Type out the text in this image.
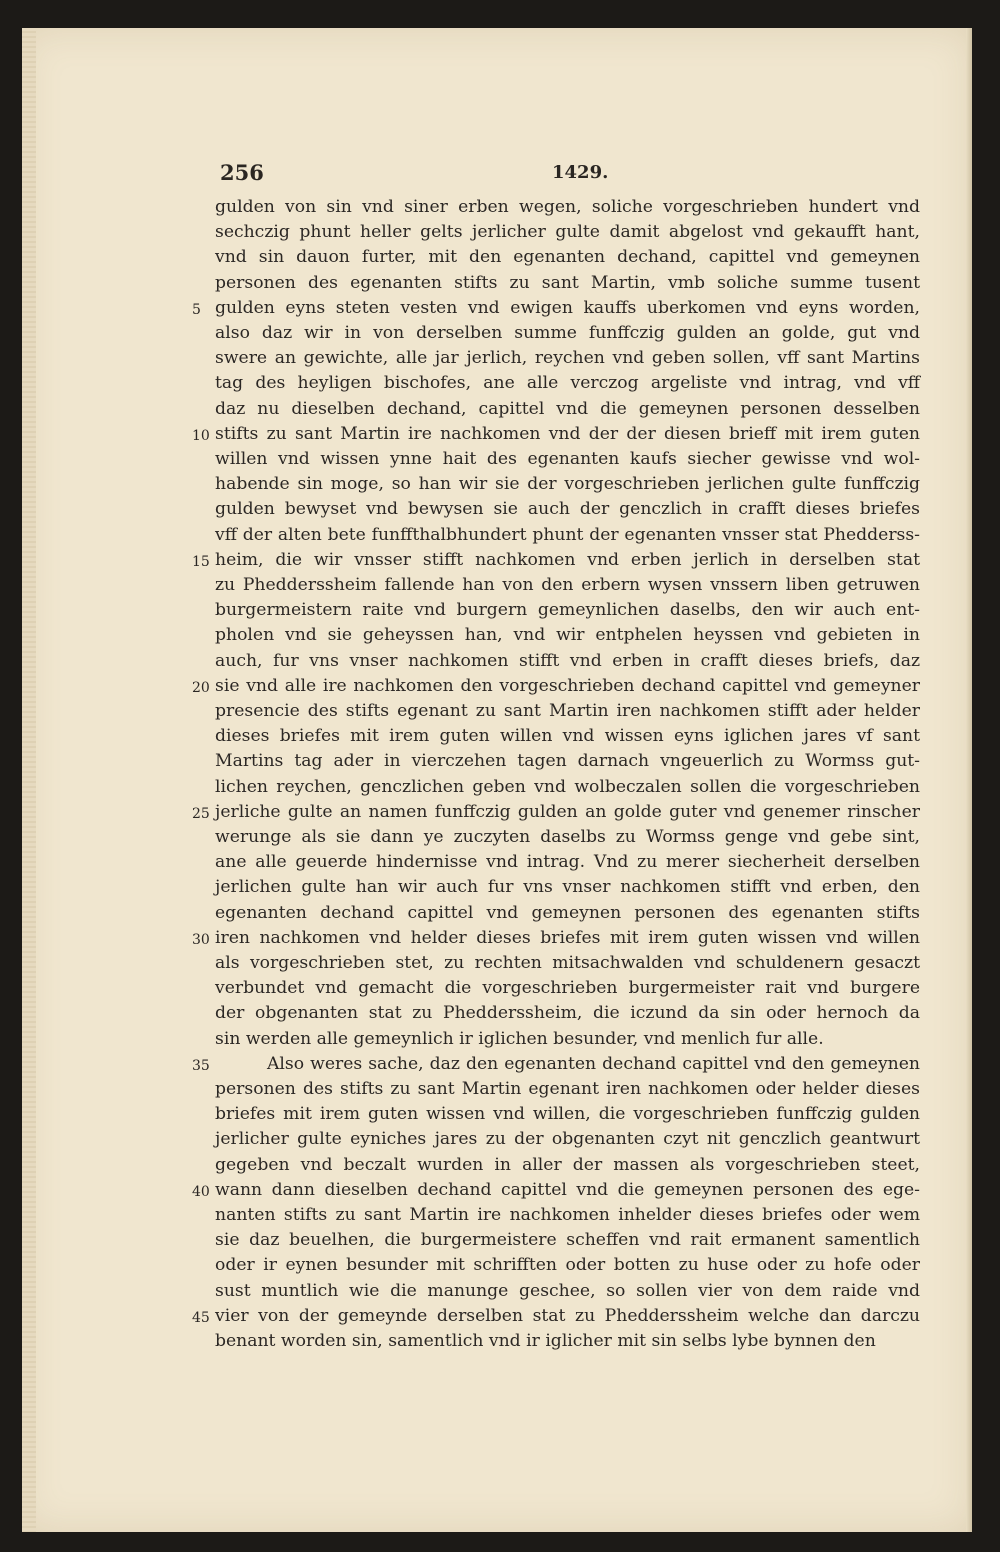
256	1429.
gulden von sin vnd siner erben wegen, soliche vorgeschrieben hundert vnd
sechczig phunt heller gelts jerlicher gulte damit abgelost vnd gekaufft hant,
vnd sin dauon furter, mit den egenanten dechand, capittel vnd gemeynen
personen des egenanten stifts zu sant Martin, vmb soliche summe tusent
5 gulden eyns steten vesten vnd ewigen kauffs uberkomen vnd eyns worden,
also daz wir in von derselben summe funffczig gulden an golde, gut vnd
swere an gewichte, alle jar jerlich, reychen vnd geben sollen, vff sant Martins
tag des heyligen bischofes, ane alle verczog argeliste vnd intrag, vnd vff
daz nu dieselben dechand, capittel vnd die gemeynen personen desselben
10 stifts zu sant Martin ire nachkomen vnd der der diesen brieff mit irem guten
willen vnd wissen ynne hait des egenanten kaufs siecher gewisse vnd wol-
habende sin moge, so han wir sie der vorgeschrieben jerlichen gulte funffczig
gulden bewyset vnd bewysen sie auch der genczlich in crafft dieses briefes
vff der alten bete funffthalbhundert phunt der egenanten vnsser stat Phedderss-
15 heim, die wir vnsser stifft nachkomen vnd erben jerlich in derselben stat
zu Phedderssheim fallende han von den erbern wysen vnssern liben getruwen
burgermeistern raite vnd burgern gemeynlichen daselbs, den wir auch ent-
pholen vnd sie geheyssen han, vnd wir entphelen heyssen vnd gebieten in
auch, fur vns vnser nachkomen stifft vnd erben in crafft dieses briefs, daz
20 sie vnd alle ire nachkomen den vorgeschrieben dechand capittel vnd gemeyner
presencie des stifts egenant zu sant Martin iren nachkomen stifft ader helder
dieses briefes mit irem guten willen vnd wissen eyns iglichen jares vf sant
Martins tag ader in vierczehen tagen darnach vngeuerlich zu Wormss gut-
lichen reychen, genczlichen geben vnd wolbeczalen sollen die vorgeschrieben
25 jerliche gulte an namen funffczig gulden an golde guter vnd genemer rinscher
werunge als sie dann ye zuczyten daselbs zu Wormss genge vnd gebe sint,
ane alle geuerde hindernisse vnd intrag. Vnd zu merer siecherheit derselben
jerlichen gulte han wir auch fur vns vnser nachkomen stifft vnd erben, den
egenanten dechand capittel vnd gemeynen personen des egenanten stifts
30 iren nachkomen vnd helder dieses briefes mit irem guten wissen vnd willen
als vorgeschrieben stet, zu rechten mitsachwalden vnd schuldenern gesaczt
verbundet vnd gemacht die vorgeschrieben burgermeister rait vnd burgere
der obgenanten stat zu Phedderssheim, die iczund da sin oder hernoch da
sin werden alle gemeynlich ir iglichen besunder, vnd menlich fur alle.
35	Also weres sache, daz den egenanten dechand capittel vnd den gemeynen
personen des stifts zu sant Martin egenant iren nachkomen oder helder dieses
briefes mit irem guten wissen vnd willen, die vorgeschrieben funffczig gulden
jerlicher gulte eyniches jares zu der obgenanten czyt nit genczlich geantwurt
gegeben vnd beczalt wurden in aller der massen als vorgeschrieben steet,
40 wann dann dieselben dechand capittel vnd die gemeynen personen des ege-
nanten stifts zu sant Martin ire nachkomen inhelder dieses briefes oder wem
sie daz beuelhen, die burgermeistere scheffen vnd rait ermanent samentlich
oder ir eynen besunder mit schrifften oder botten zu huse oder zu hofe oder
sust muntlich wie die manunge geschee, so sollen vier von dem raide vnd
45 vier von der gemeynde derselben stat zu Phedderssheim welche dan darczu
benant worden sin, samentlich vnd ir iglicher mit sin selbs lybe bynnen den
